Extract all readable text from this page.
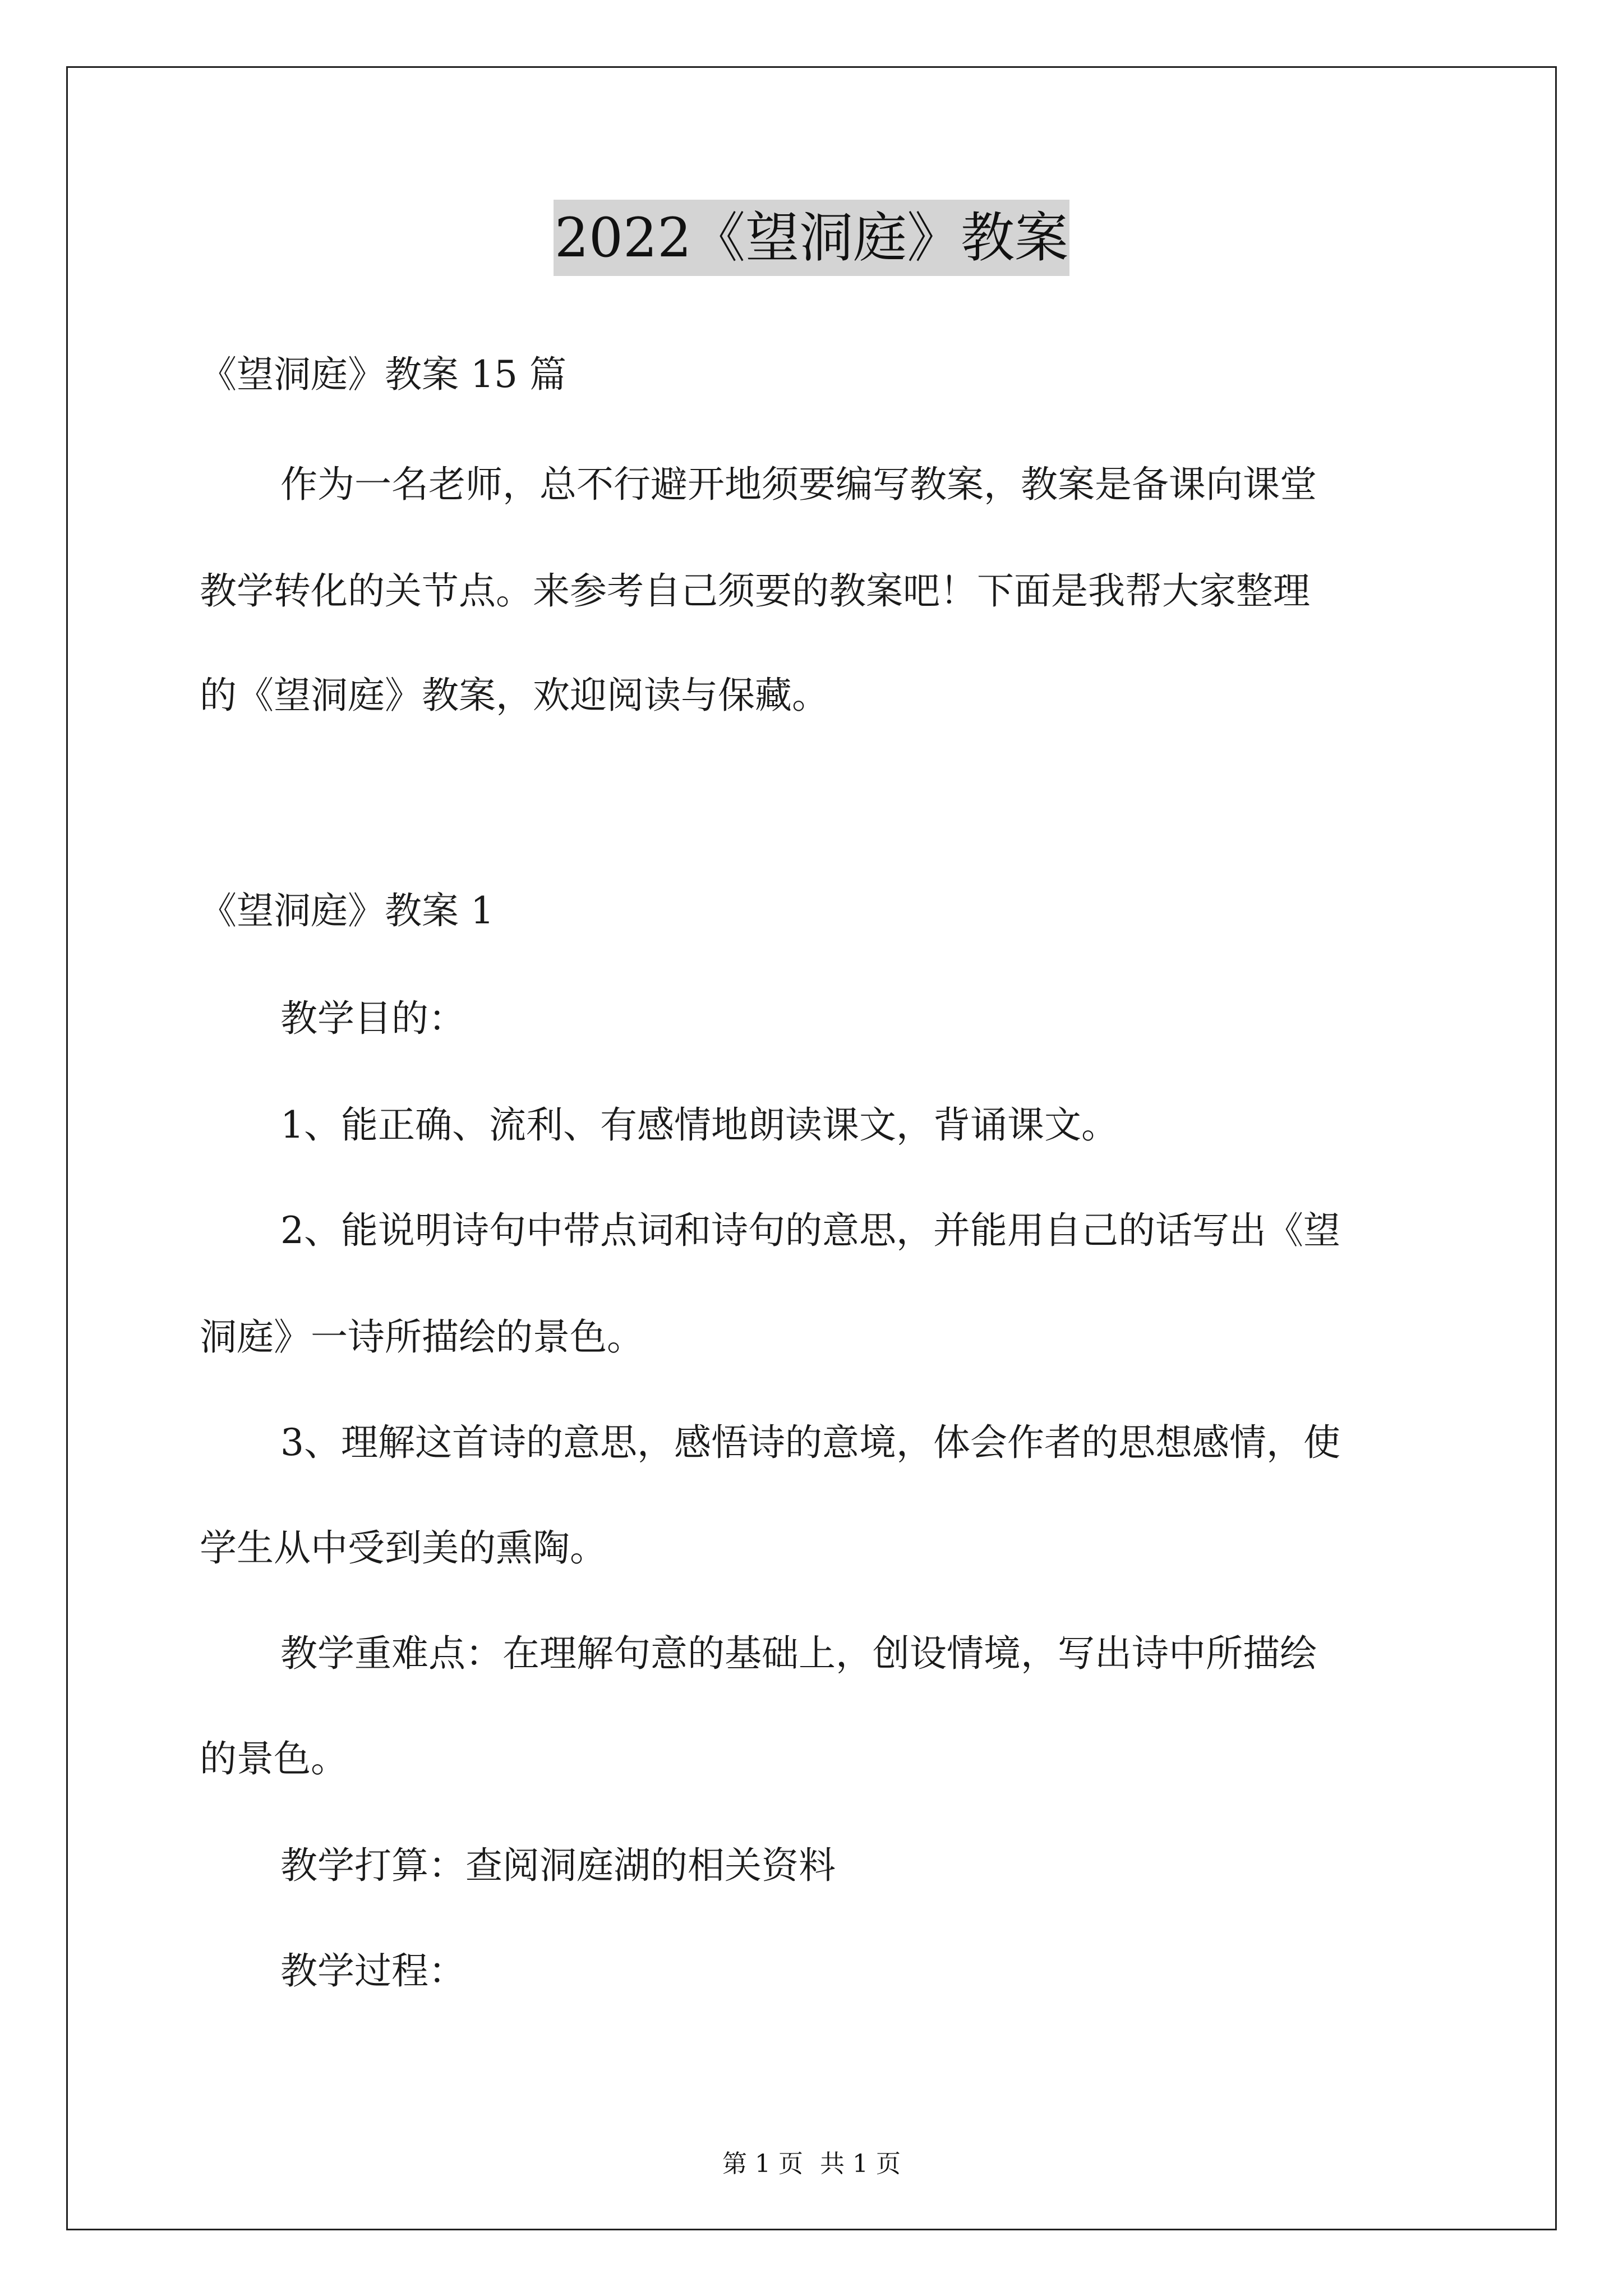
2022《望洞庭》教案
《望洞庭》教案 15 篇
作为一名老师，总不行避开地须要编写教案，教案是备课向课堂
教学转化的关节点。来参考自己须要的教案吧！下面是我帮大家整理
的《望洞庭》教案，欢迎阅读与保藏。
《望洞庭》教案 1
教学目的：
1、能正确、流利、有感情地朗读课文，背诵课文。
2、能说明诗句中带点词和诗句的意思，并能用自己的话写出《望
洞庭》一诗所描绘的景色。
3、理解这首诗的意思，感悟诗的意境，体会作者的思想感情，使
学生从中受到美的熏陶。
教学重难点：在理解句意的基础上，创设情境，写出诗中所描绘
的景色。
教学打算：查阅洞庭湖的相关资料
教学过程：
第 1 页 共 1 页
